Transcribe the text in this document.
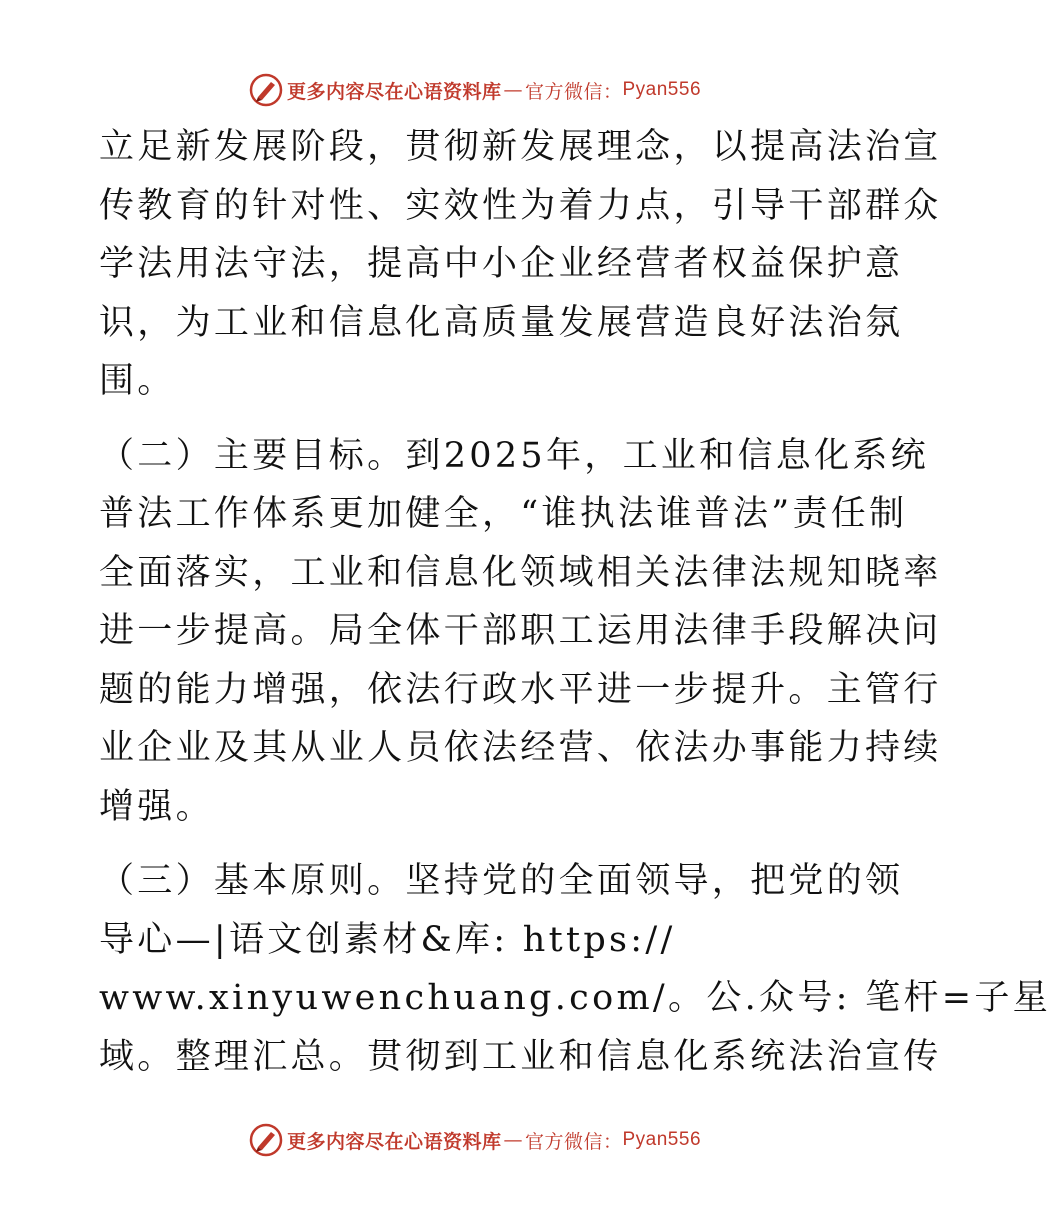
更多内容尽在心语资料库 — 官方微信： Pyan556
立足新发展阶段，贯彻新发展理念，以提高法治宣
传教育的针对性、实效性为着力点，引导干部群众
学法用法守法，提高中小企业经营者权益保护意
识，为工业和信息化高质量发展营造良好法治氛
围。
（二）主要目标。到2025年，工业和信息化系统
普法工作体系更加健全，“谁执法谁普法”责任制
全面落实，工业和信息化领域相关法律法规知晓率
进一步提高。局全体干部职工运用法律手段解决问
题的能力增强，依法行政水平进一步提升。主管行
业企业及其从业人员依法经营、依法办事能力持续
增强。
（三）基本原则。坚持党的全面领导，把党的领
导心—|语文创素材&库: https://
www.xinyuwenchuang.com/。公.众号: 笔杆=子星
域。整理汇总。贯彻到工业和信息化系统法治宣传
更多内容尽在心语资料库 — 官方微信： Pyan556
